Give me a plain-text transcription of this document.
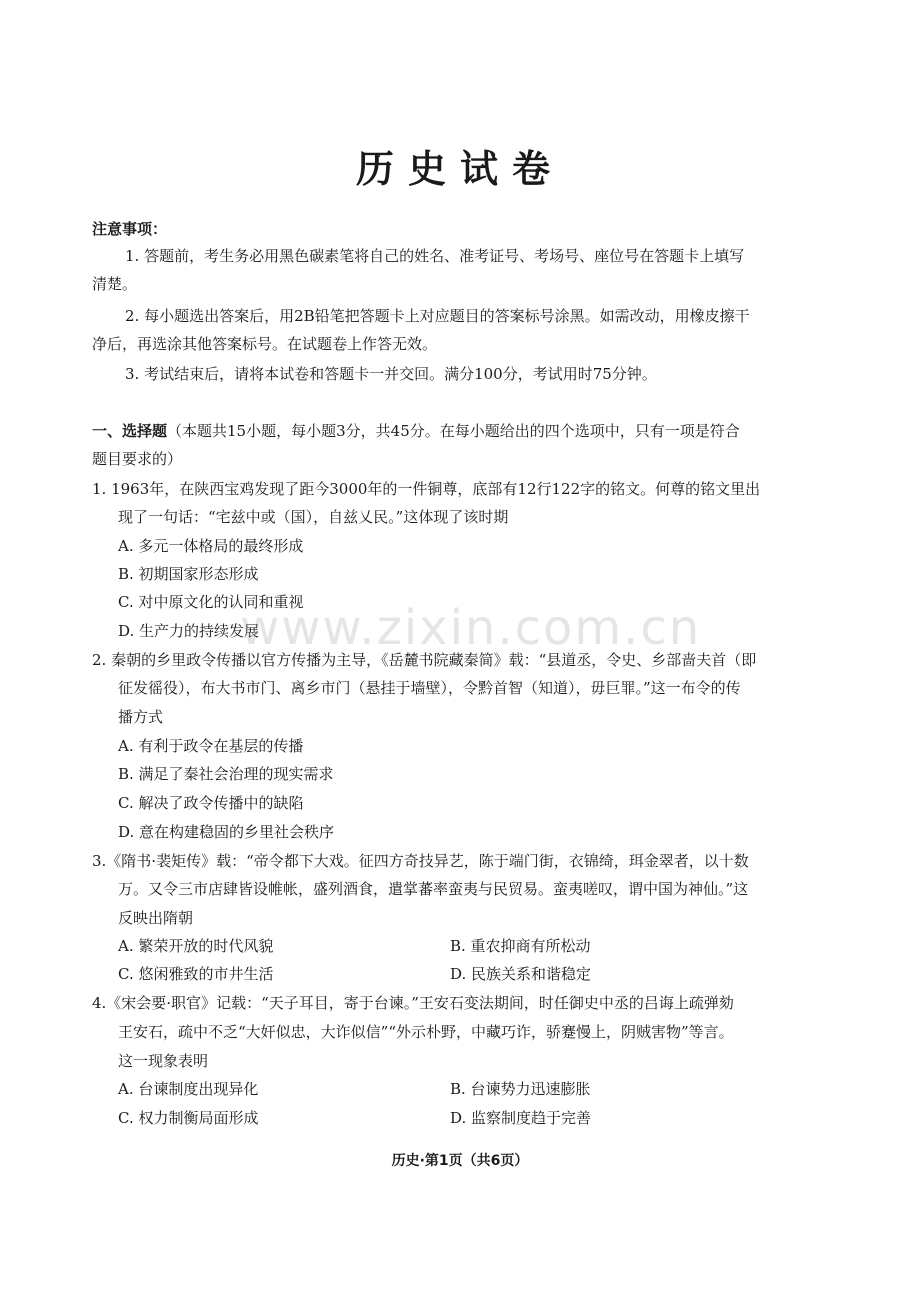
历史试卷
注意事项：
1. 答题前，考生务必用黑色碳素笔将自己的姓名、准考证号、考场号、座位号在答题卡上填写
清楚。
2. 每小题选出答案后，用2B铅笔把答题卡上对应题目的答案标号涂黑。如需改动，用橡皮擦干
净后，再选涂其他答案标号。在试题卷上作答无效。
3. 考试结束后，请将本试卷和答题卡一并交回。满分100分，考试用时75分钟。
一、选择题（本题共15小题，每小题3分，共45分。在每小题给出的四个选项中，只有一项是符合
题目要求的）
1. 1963年，在陕西宝鸡发现了距今3000年的一件铜尊，底部有12行122字的铭文。何尊的铭文里出
现了一句话：“宅兹中或（国），自兹乂民。”这体现了该时期
A. 多元一体格局的最终形成
B. 初期国家形态形成
C. 对中原文化的认同和重视
D. 生产力的持续发展
2. 秦朝的乡里政令传播以官方传播为主导，《岳麓书院藏秦简》载：“县道丞，令史、乡部啬夫首（即
征发徭役），布大书市门、离乡市门（悬挂于墙壁），令黔首智（知道），毋巨罪。”这一布令的传
播方式
A. 有利于政令在基层的传播
B. 满足了秦社会治理的现实需求
C. 解决了政令传播中的缺陷
D. 意在构建稳固的乡里社会秩序
3.《隋书·裴矩传》载：“帝令都下大戏。征四方奇技异艺，陈于端门街，衣锦绮，珥金翠者，以十数
万。又令三市店肆皆设帷帐，盛列酒食，遣掌蕃率蛮夷与民贸易。蛮夷嗟叹，谓中国为神仙。”这
反映出隋朝
A. 繁荣开放的时代风貌	B. 重农抑商有所松动
C. 悠闲雅致的市井生活	D. 民族关系和谐稳定
4.《宋会要·职官》记载：“天子耳目，寄于台谏。”王安石变法期间，时任御史中丞的吕诲上疏弹劾
王安石，疏中不乏“大奸似忠，大诈似信”“外示朴野，中藏巧诈，骄蹇慢上，阴贼害物”等言。
这一现象表明
A. 台谏制度出现异化	B. 台谏势力迅速膨胀
C. 权力制衡局面形成	D. 监察制度趋于完善
历史·第1页（共6页）
www.zixin.com.cn
